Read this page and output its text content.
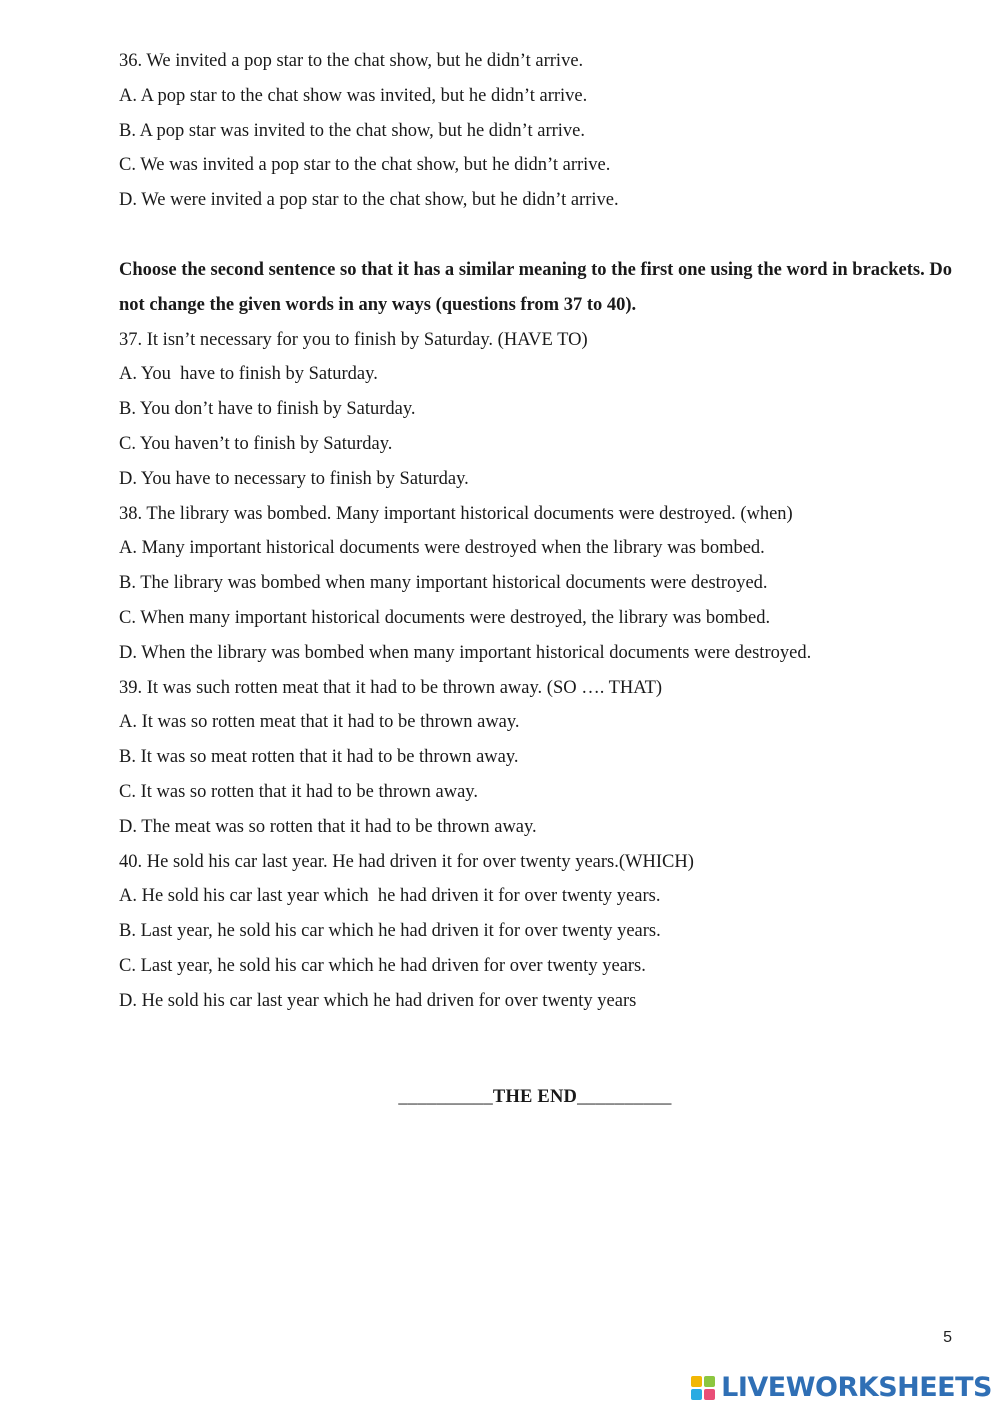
36. We invited a pop star to the chat show, but he didn’t arrive.
A. A pop star to the chat show was invited, but he didn’t arrive.
B. A pop star was invited to the chat show, but he didn’t arrive.
C. We was invited a pop star to the chat show, but he didn’t arrive.
D. We were invited a pop star to the chat show, but he didn’t arrive.
Choose the second sentence so that it has a similar meaning to the first one using the word in brackets. Do not change the given words in any ways (questions from 37 to 40).
37. It isn’t necessary for you to finish by Saturday. (HAVE TO)
A. You  have to finish by Saturday.
B. You don’t have to finish by Saturday.
C. You haven’t to finish by Saturday.
D. You have to necessary to finish by Saturday.
38. The library was bombed. Many important historical documents were destroyed. (when)
A. Many important historical documents were destroyed when the library was bombed.
B. The library was bombed when many important historical documents were destroyed.
C. When many important historical documents were destroyed, the library was bombed.
D. When the library was bombed when many important historical documents were destroyed.
39. It was such rotten meat that it had to be thrown away. (SO …. THAT)
A. It was so rotten meat that it had to be thrown away.
B. It was so meat rotten that it had to be thrown away.
C. It was so rotten that it had to be thrown away.
D. The meat was so rotten that it had to be thrown away.
40. He sold his car last year. He had driven it for over twenty years.(WHICH)
A. He sold his car last year which  he had driven it for over twenty years.
B. Last year, he sold his car which he had driven it for over twenty years.
C. Last year, he sold his car which he had driven for over twenty years.
D. He sold his car last year which he had driven for over twenty years
__________THE END__________
5
LIVEWORKSHEETS
